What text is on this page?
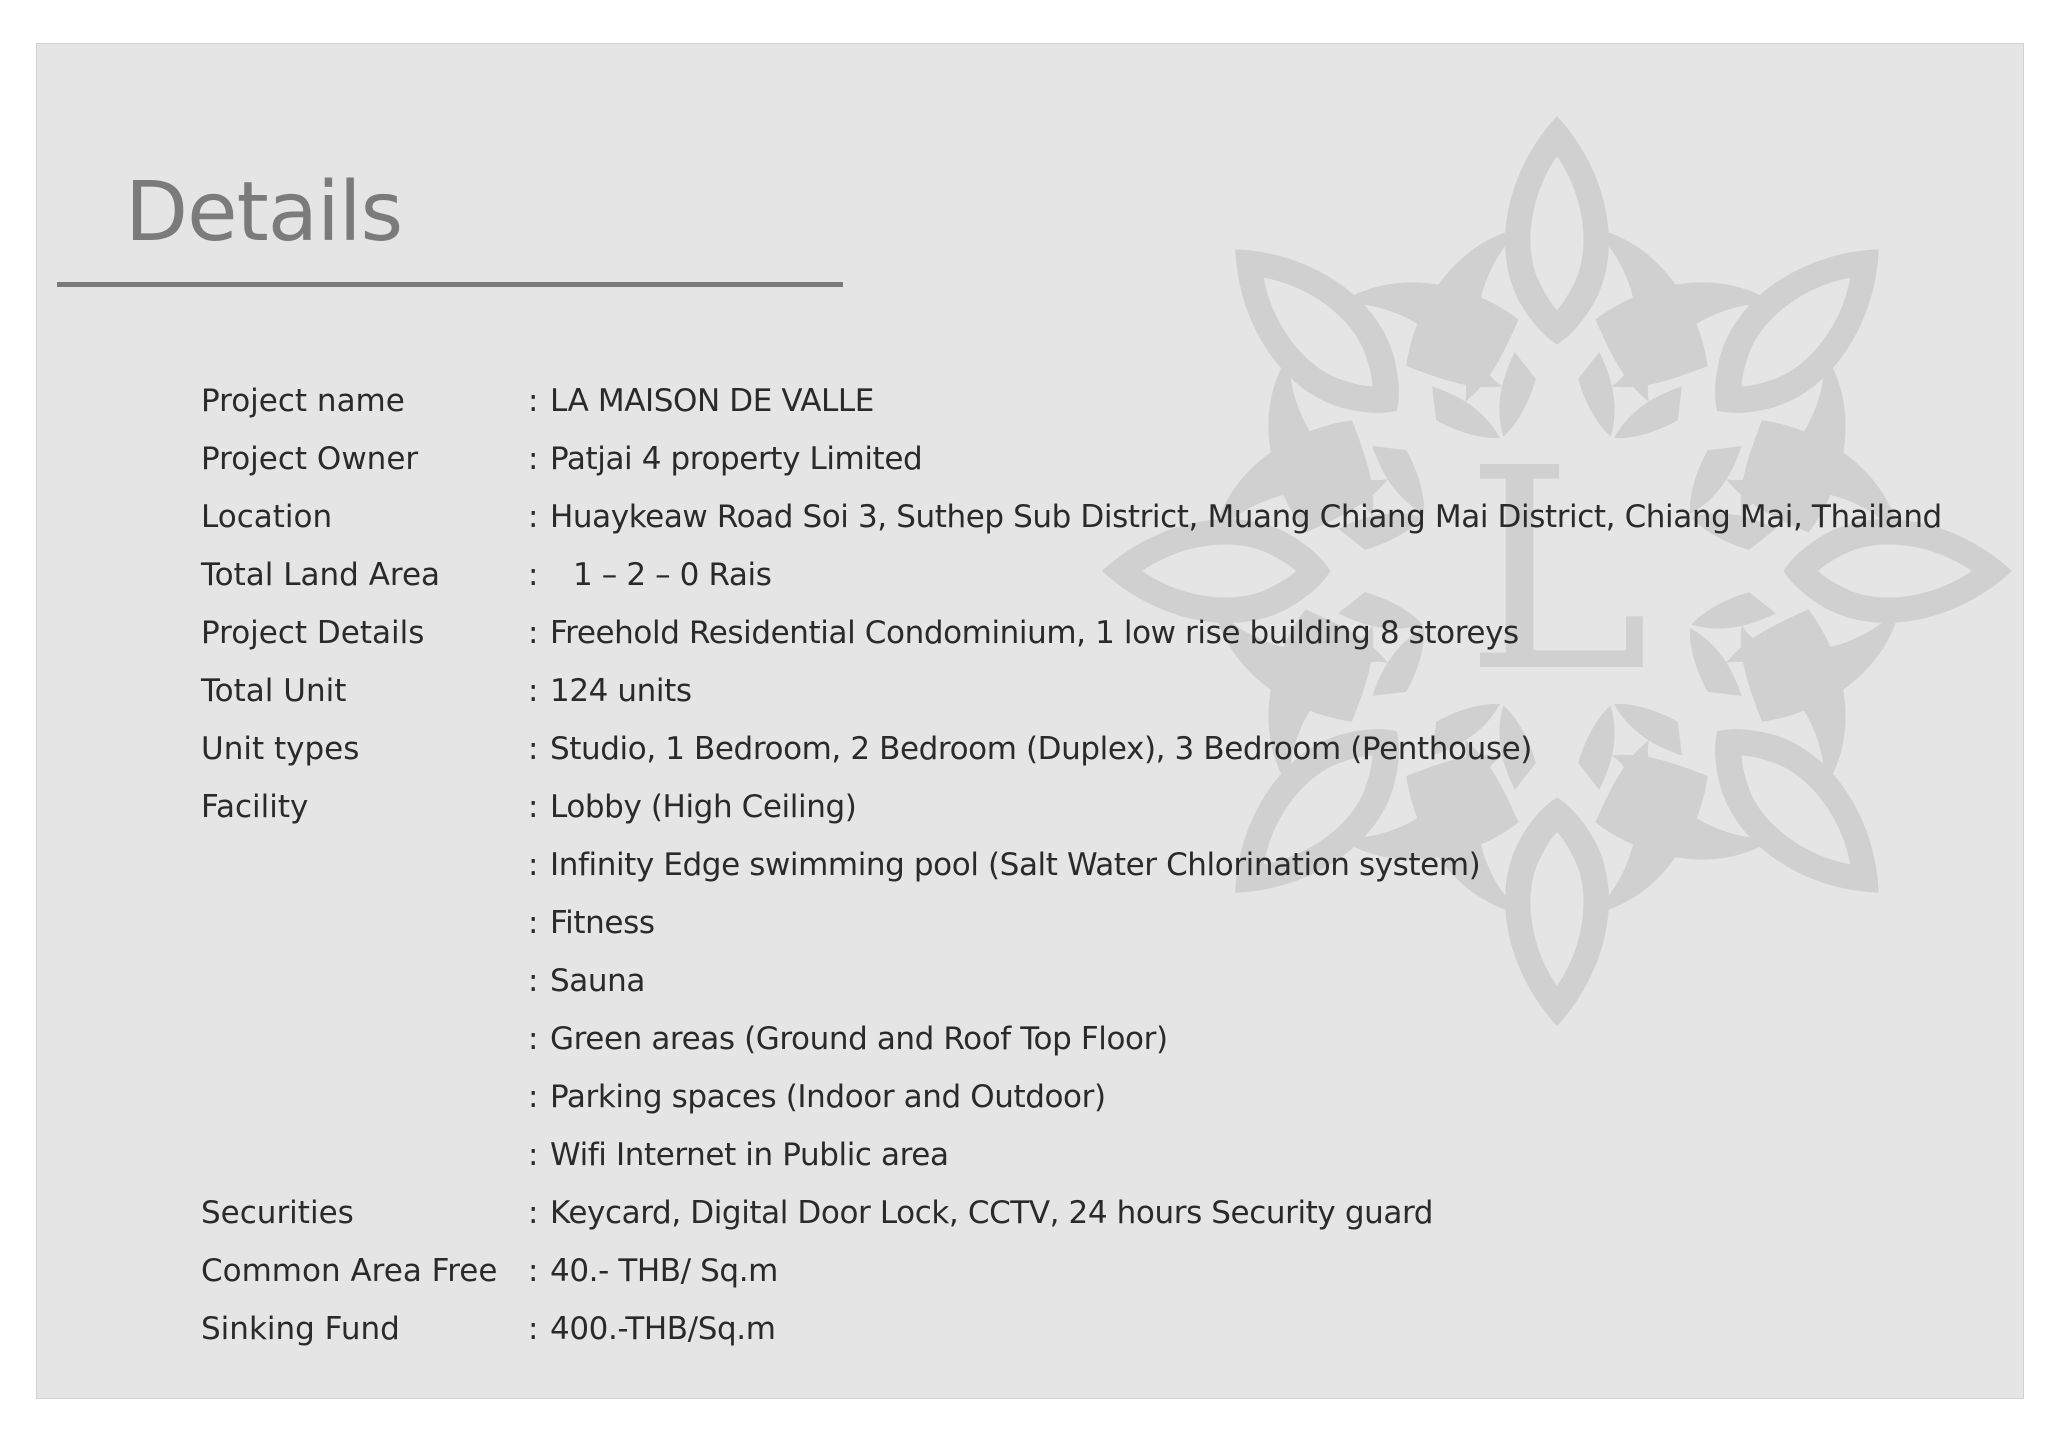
L
Details
Project name	: LA MAISON DE VALLE
Project Owner	: Patjai 4 property Limited
Location	: Huaykeaw Road Soi 3, Suthep Sub District, Muang Chiang Mai District, Chiang Mai, Thailand
Total Land Area	: 1 – 2 – 0 Rais
Project Details	: Freehold Residential Condominium, 1 low rise building 8 storeys
Total Unit	: 124 units
Unit types	: Studio, 1 Bedroom, 2 Bedroom (Duplex), 3 Bedroom (Penthouse)
Facility	: Lobby (High Ceiling)
: Infinity Edge swimming pool (Salt Water Chlorination system)
: Fitness
: Sauna
: Green areas (Ground and Roof Top Floor)
: Parking spaces (Indoor and Outdoor)
: Wifi Internet in Public area
Securities	: Keycard, Digital Door Lock, CCTV, 24 hours Security guard
Common Area Free : 40.- THB/ Sq.m
Sinking Fund	: 400.-THB/Sq.m
